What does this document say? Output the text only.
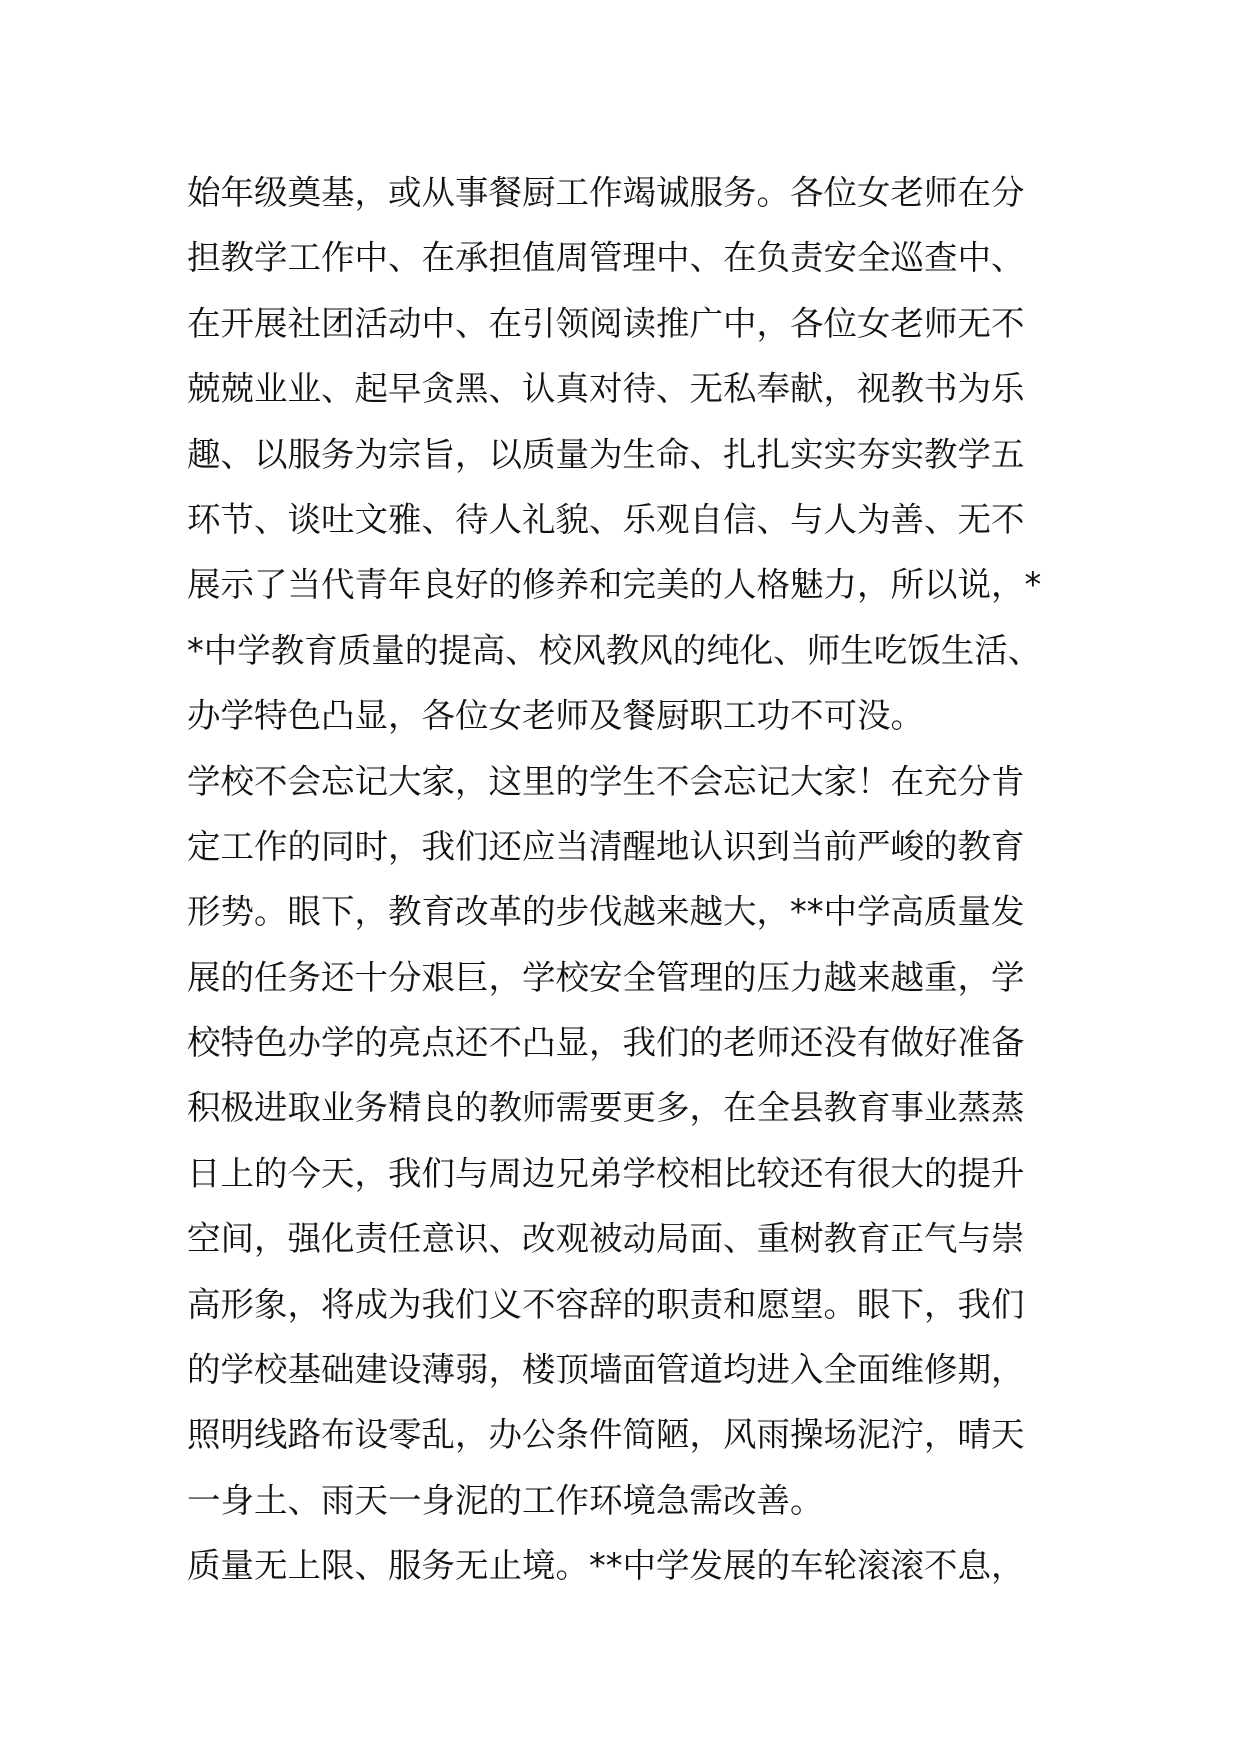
始年级奠基，或从事餐厨工作竭诚服务。各位女老师在分
担教学工作中、在承担值周管理中、在负责安全巡查中、
在开展社团活动中、在引领阅读推广中，各位女老师无不
兢兢业业、起早贪黑、认真对待、无私奉献，视教书为乐
趣、以服务为宗旨，以质量为生命、扎扎实实夯实教学五
环节、谈吐文雅、待人礼貌、乐观自信、与人为善、无不
展示了当代青年良好的修养和完美的人格魅力，所以说，*
*中学教育质量的提高、校风教风的纯化、师生吃饭生活、
办学特色凸显，各位女老师及餐厨职工功不可没。
学校不会忘记大家，这里的学生不会忘记大家！在充分肯
定工作的同时，我们还应当清醒地认识到当前严峻的教育
形势。眼下，教育改革的步伐越来越大，**中学高质量发
展的任务还十分艰巨，学校安全管理的压力越来越重，学
校特色办学的亮点还不凸显，我们的老师还没有做好准备
积极进取业务精良的教师需要更多，在全县教育事业蒸蒸
日上的今天，我们与周边兄弟学校相比较还有很大的提升
空间，强化责任意识、改观被动局面、重树教育正气与崇
高形象，将成为我们义不容辞的职责和愿望。眼下，我们
的学校基础建设薄弱，楼顶墙面管道均进入全面维修期，
照明线路布设零乱，办公条件简陋，风雨操场泥泞，晴天
一身土、雨天一身泥的工作环境急需改善。
质量无上限、服务无止境。**中学发展的车轮滚滚不息，
